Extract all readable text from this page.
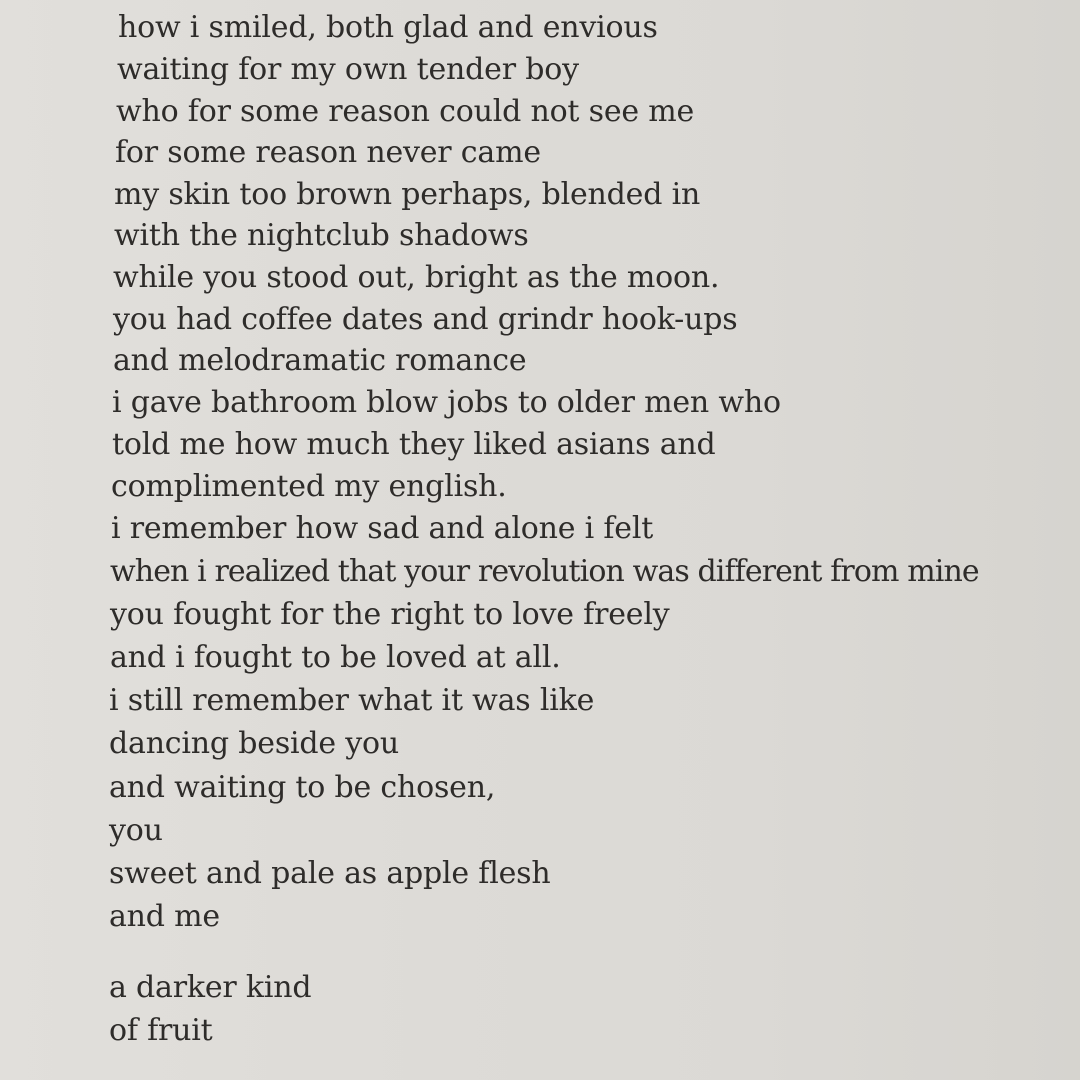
how i smiled, both glad and envious
waiting for my own tender boy
who for some reason could not see me
for some reason never came
my skin too brown perhaps, blended in
with the nightclub shadows
while you stood out, bright as the moon.
you had coffee dates and grindr hook-ups
and melodramatic romance
i gave bathroom blow jobs to older men who
told me how much they liked asians and
complimented my english.
i remember how sad and alone i felt
when i realized that your revolution was different from mine
you fought for the right to love freely
and i fought to be loved at all.
i still remember what it was like
dancing beside you
and waiting to be chosen,
you
sweet and pale as apple flesh
and me
a darker kind
of fruit
